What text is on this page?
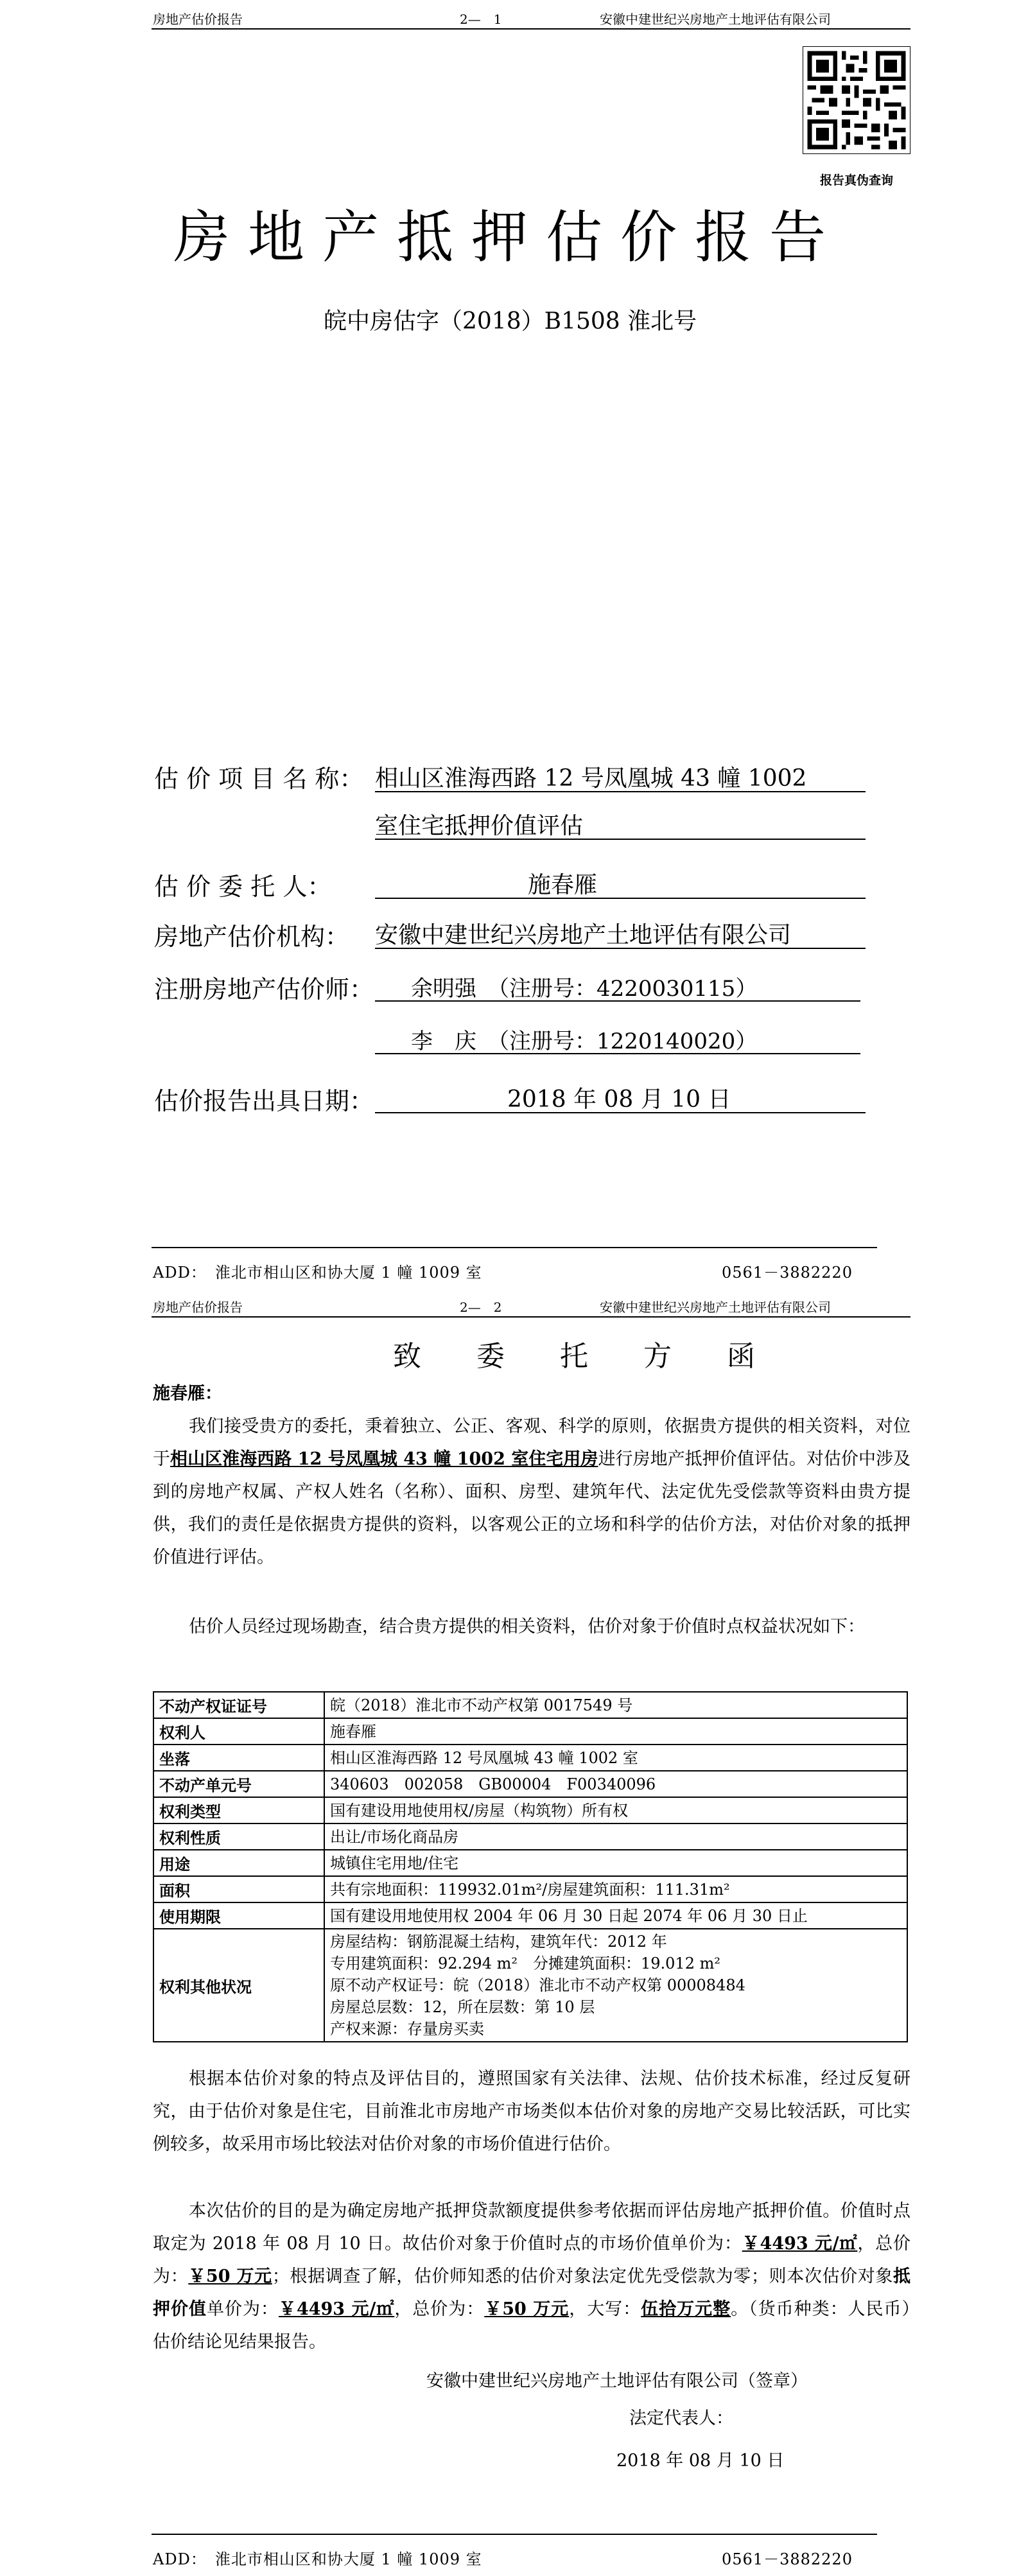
房地产估价报告	2—　1	安徽中建世纪兴房地产土地评估有限公司
报告真伪查询
房地产抵押估价报告
皖中房估字（2018）B1508 淮北号
估 价 项 目 名 称： 相山区淮海西路 12 号凤凰城 43 幢 1002
室住宅抵押价值评估
估 价 委 托 人：	施春雁
房地产估价机构： 安徽中建世纪兴房地产土地评估有限公司
注册房地产估价师： 余明强　（注册号：4220030115）
李　庆　（注册号：1220140020）
估价报告出具日期：	2018 年 08 月 10 日
ADD：　淮北市相山区和协大厦 1 幢 1009 室	0561－3882220
房地产估价报告	2—　2	安徽中建世纪兴房地产土地评估有限公司
致 委 托 方 函
施春雁：
我们接受贵方的委托，秉着独立、公正、客观、科学的原则，依据贵方提供的相关资料，对位于相山区淮海西路 12 号凤凰城 43 幢 1002 室住宅用房进行房地产抵押价值评估。对估价中涉及到的房地产权属、产权人姓名（名称）、面积、房型、建筑年代、法定优先受偿款等资料由贵方提供，我们的责任是依据贵方提供的资料，以客观公正的立场和科学的估价方法，对估价对象的抵押价值进行评估。
估价人员经过现场勘查，结合贵方提供的相关资料，估价对象于价值时点权益状况如下：
不动产权证证号	皖（2018）淮北市不动产权第 0017549 号
权利人	施春雁
坐落	相山区淮海西路 12 号凤凰城 43 幢 1002 室
不动产单元号	340603　002058　GB00004　F00340096
权利类型	国有建设用地使用权/房屋（构筑物）所有权
权利性质	出让/市场化商品房
用途	城镇住宅用地/住宅
面积	共有宗地面积：119932.01m²/房屋建筑面积：111.31m²
使用期限	国有建设用地使用权 2004 年 06 月 30 日起 2074 年 06 月 30 日止
权利其他状况	房屋结构：钢筋混凝土结构，建筑年代：2012 年
专用建筑面积：92.294 m²　分摊建筑面积：19.012 m²
原不动产权证号：皖（2018）淮北市不动产权第 00008484
房屋总层数：12，所在层数：第 10 层
产权来源：存量房买卖
根据本估价对象的特点及评估目的，遵照国家有关法律、法规、估价技术标准，经过反复研究，由于估价对象是住宅，目前淮北市房地产市场类似本估价对象的房地产交易比较活跃，可比实例较多，故采用市场比较法对估价对象的市场价值进行估价。
本次估价的目的是为确定房地产抵押贷款额度提供参考依据而评估房地产抵押价值。价值时点取定为 2018 年 08 月 10 日。故估价对象于价值时点的市场价值单价为：￥4493 元/㎡，总价为：￥50 万元；根据调查了解，估价师知悉的估价对象法定优先受偿款为零；则本次估价对象抵押价值单价为：￥4493 元/㎡，总价为：￥50 万元，大写：伍拾万元整。（货币种类：人民币）　估价结论见结果报告。
安徽中建世纪兴房地产土地评估有限公司（签章）
法定代表人：
2018 年 08 月 10 日
ADD：　淮北市相山区和协大厦 1 幢 1009 室	0561－3882220
